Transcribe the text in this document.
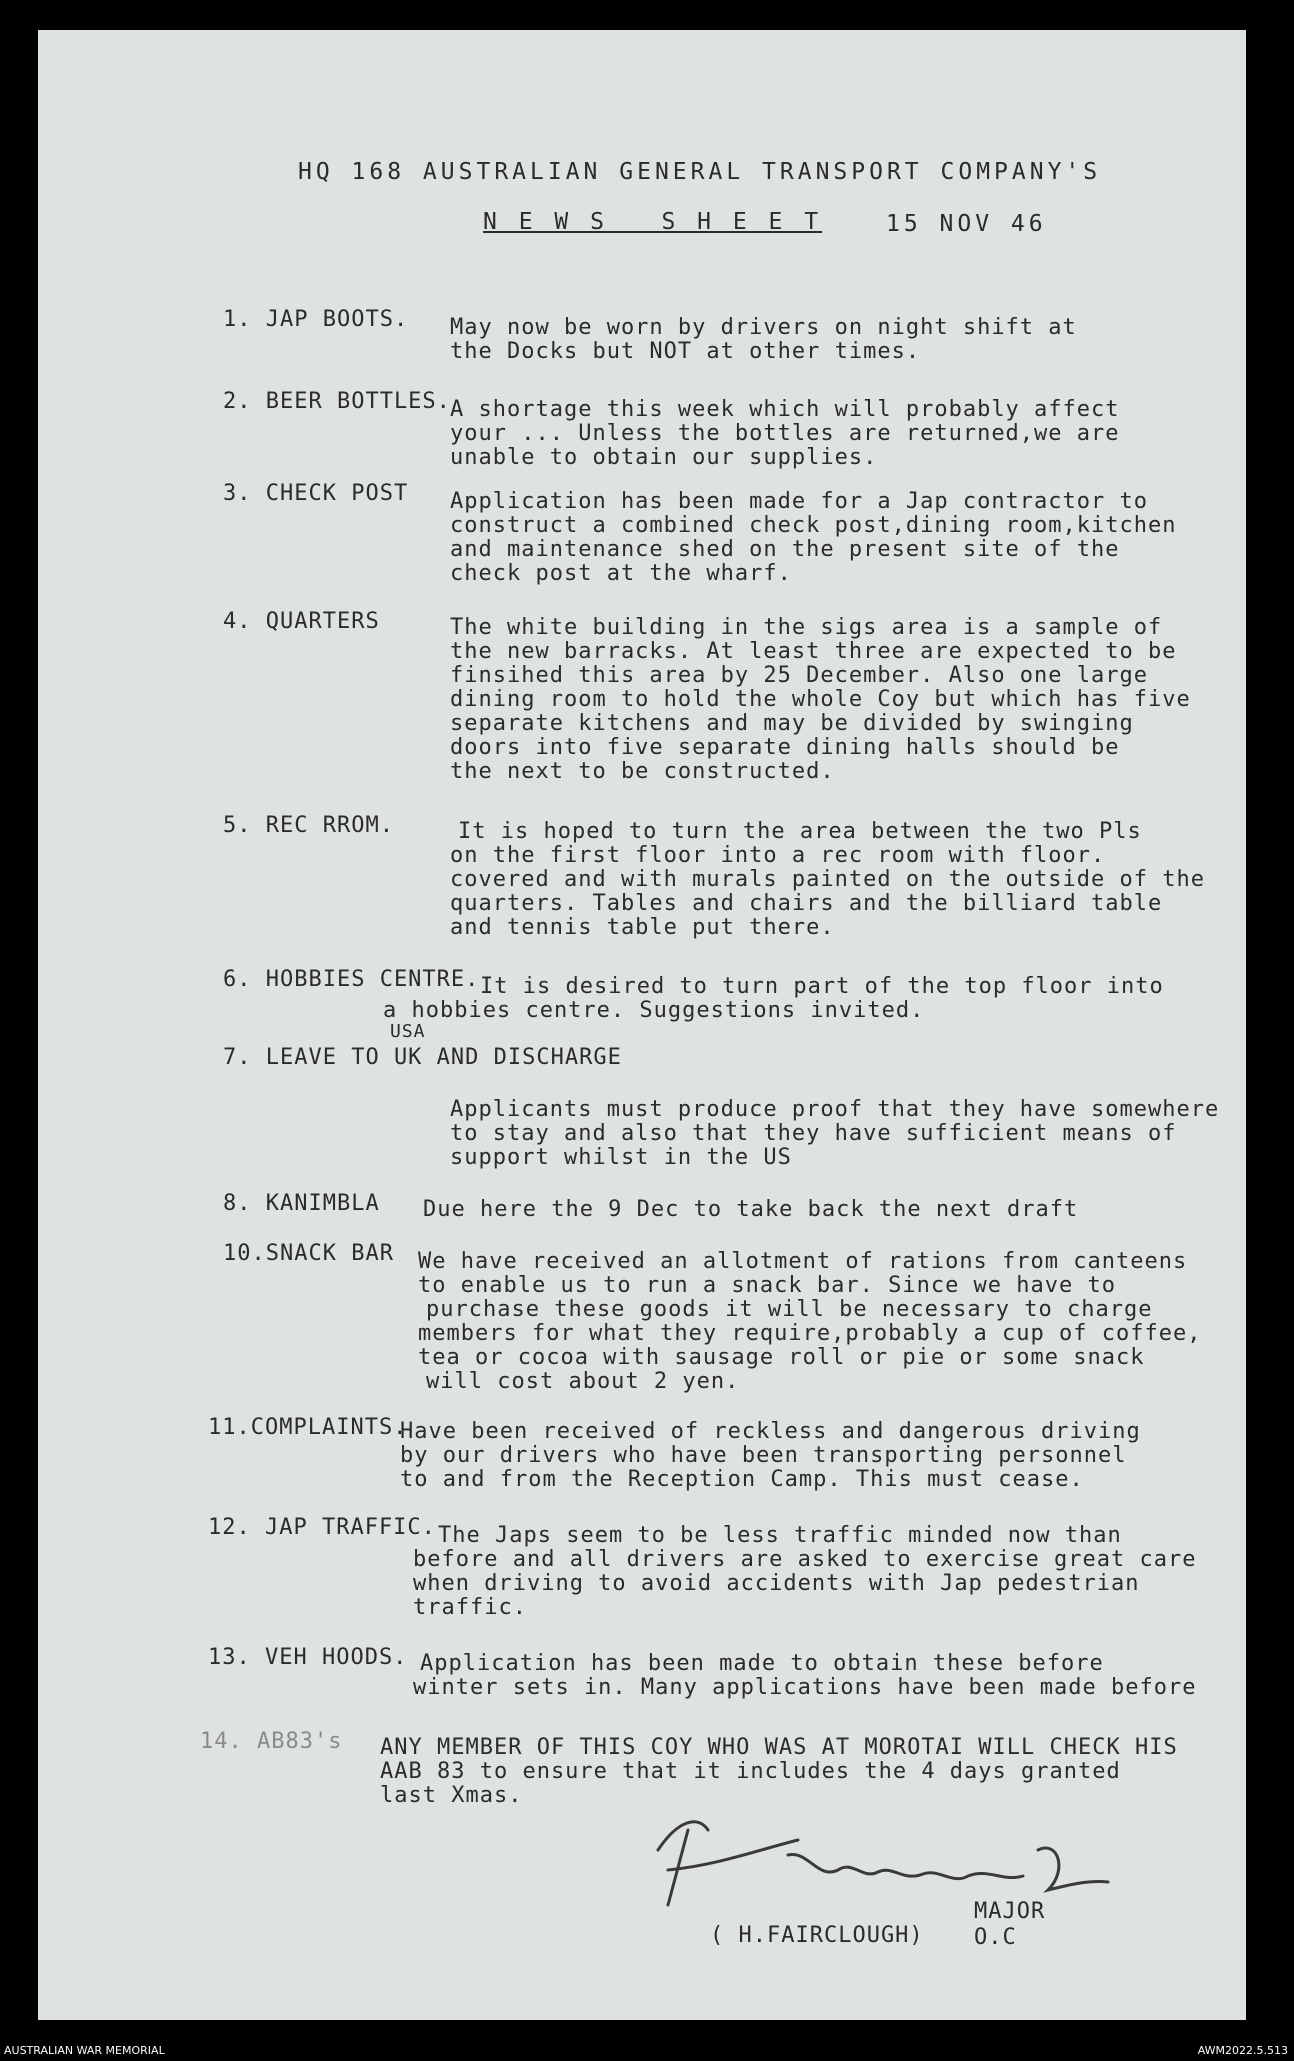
HQ 168 AUSTRALIAN GENERAL TRANSPORT COMPANY'S
N E W S   S H E E T	15 NOV 46
1. JAP BOOTS. May now be worn by drivers on night shift at
the Docks but NOT at other times.
2. BEER BOTTLES. A shortage this week which will probably affect
your ... Unless the bottles are returned,we are
unable to obtain our supplies.
3. CHECK POST Application has been made for a Jap contractor to
construct a combined check post,dining room,kitchen
and maintenance shed on the present site of the
check post at the wharf.
4. QUARTERS	The white building in the sigs area is a sample of
the new barracks. At least three are expected to be
finsihed this area by 25 December. Also one large
dining room to hold the whole Coy but which has five
separate kitchens and may be divided by swinging
doors into five separate dining halls should be
the next to be constructed.
5. REC RROM.	It is hoped to turn the area between the two Pls
on the first floor into a rec room with floor.
covered and with murals painted on the outside of the
quarters. Tables and chairs and the billiard table
and tennis table put there.
6. HOBBIES CENTRE. It is desired to turn part of the top floor into
a hobbies centre. Suggestions invited.
USA
7. LEAVE TO UK AND DISCHARGE
Applicants must produce proof that they have somewhere
to stay and also that they have sufficient means of
support whilst in the US
8. KANIMBLA Due here the 9 Dec to take back the next draft
10.SNACK BAR We have received an allotment of rations from canteens
to enable us to run a snack bar. Since we have to
purchase these goods it will be necessary to charge
members for what they require,probably a cup of coffee,
tea or cocoa with sausage roll or pie or some snack
will cost about 2 yen.
11.COMPLAINTS.
Have been received of reckless and dangerous driving
by our drivers who have been transporting personnel
to and from the Reception Camp. This must cease.
12. JAP TRAFFIC. The Japs seem to be less traffic minded now than
before and all drivers are asked to exercise great care
when driving to avoid accidents with Jap pedestrian
traffic.
13. VEH HOODS. Application has been made to obtain these before
winter sets in. Many applications have been made before
14. AB83's ANY MEMBER OF THIS COY WHO WAS AT MOROTAI WILL CHECK HIS
AAB 83 to ensure that it includes the 4 days granted
last Xmas.
MAJOR
( H.FAIRCLOUGH) O.C
AUSTRALIAN WAR MEMORIAL	AWM2022.5.513
